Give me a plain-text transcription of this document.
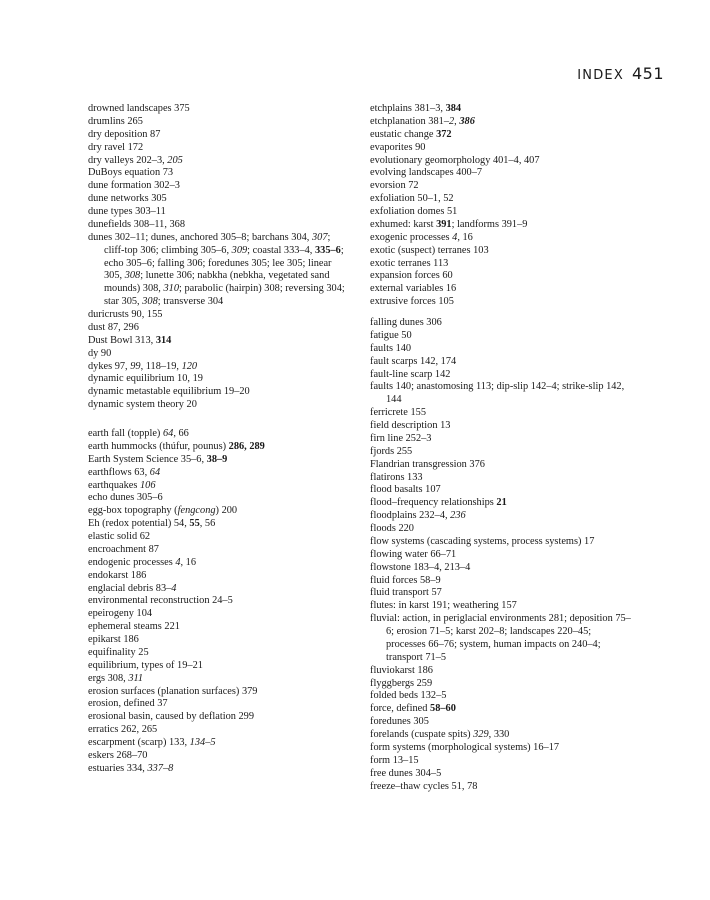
INDEX 451
drowned landscapes 375
drumlins 265
dry deposition 87
dry ravel 172
dry valleys 202–3, 205
DuBoys equation 73
dune formation 302–3
dune networks 305
dune types 303–11
dunefields 308–11, 368
dunes 302–11; dunes, anchored 305–8; barchans 304, 307; cliff-top 306; climbing 305–6, 309; coastal 333–4, 335–6; echo 305–6; falling 306; foredunes 305; lee 305; linear 305, 308; lunette 306; nabkha (nebkha, vegetated sand mounds) 308, 310; parabolic (hairpin) 308; reversing 304; star 305, 308; transverse 304
duricrusts 90, 155
dust 87, 296
Dust Bowl 313, 314
dy 90
dykes 97, 99, 118–19, 120
dynamic equilibrium 10, 19
dynamic metastable equilibrium 19–20
dynamic system theory 20
earth fall (topple) 64, 66
earth hummocks (thúfur, pounus) 286, 289
Earth System Science 35–6, 38–9
earthflows 63, 64
earthquakes 106
echo dunes 305–6
egg-box topography (fengcong) 200
Eh (redox potential) 54, 55, 56
elastic solid 62
encroachment 87
endogenic processes 4, 16
endokarst 186
englacial debris 83–4
environmental reconstruction 24–5
epeirogeny 104
ephemeral steams 221
epikarst 186
equifinality 25
equilibrium, types of 19–21
ergs 308, 311
erosion surfaces (planation surfaces) 379
erosion, defined 37
erosional basin, caused by deflation 299
erratics 262, 265
escarpment (scarp) 133, 134–5
eskers 268–70
estuaries 334, 337–8
etchplains 381–3, 384
etchplanation 381–2, 386
eustatic change 372
evaporites 90
evolutionary geomorphology 401–4, 407
evolving landscapes 400–7
evorsion 72
exfoliation 50–1, 52
exfoliation domes 51
exhumed: karst 391; landforms 391–9
exogenic processes 4, 16
exotic (suspect) terranes 103
exotic terranes 113
expansion forces 60
external variables 16
extrusive forces 105
falling dunes 306
fatigue 50
faults 140
fault scarps 142, 174
fault-line scarp 142
faults 140; anastomosing 113; dip-slip 142–4; strike-slip 142, 144
ferricrete 155
field description 13
firn line 252–3
fjords 255
Flandrian transgression 376
flatirons 133
flood basalts 107
flood–frequency relationships 21
floodplains 232–4, 236
floods 220
flow systems (cascading systems, process systems) 17
flowing water 66–71
flowstone 183–4, 213–4
fluid forces 58–9
fluid transport 57
flutes: in karst 191; weathering 157
fluvial: action, in periglacial environments 281; deposition 75–6; erosion 71–5; karst 202–8; landscapes 220–45; processes 66–76; system, human impacts on 240–4; transport 71–5
fluviokarst 186
flyggbergs 259
folded beds 132–5
force, defined 58–60
foredunes 305
forelands (cuspate spits) 329, 330
form systems (morphological systems) 16–17
form 13–15
free dunes 304–5
freeze–thaw cycles 51, 78
